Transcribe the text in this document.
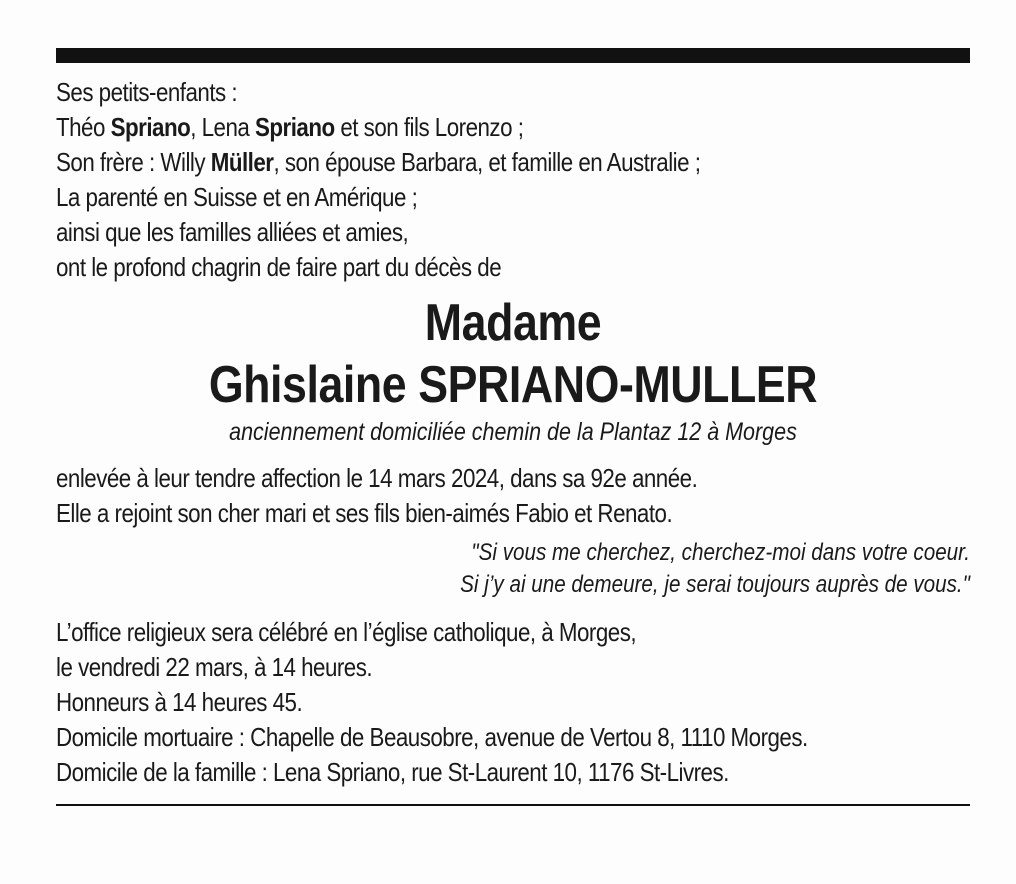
Ses petits-enfants :
Théo Spriano, Lena Spriano et son fils Lorenzo ;
Son frère : Willy Müller, son épouse Barbara, et famille en Australie ;
La parenté en Suisse et en Amérique ;
ainsi que les familles alliées et amies,
ont le profond chagrin de faire part du décès de
Madame
Ghislaine SPRIANO-MULLER
anciennement domiciliée chemin de la Plantaz 12 à Morges
enlevée à leur tendre affection le 14 mars 2024, dans sa 92e année.
Elle a rejoint son cher mari et ses fils bien-aimés Fabio et Renato.
"Si vous me cherchez, cherchez-moi dans votre coeur.
Si j’y ai une demeure, je serai toujours auprès de vous."
L’office religieux sera célébré en l’église catholique, à Morges,
le vendredi 22 mars, à 14 heures.
Honneurs à 14 heures 45.
Domicile mortuaire : Chapelle de Beausobre, avenue de Vertou 8, 1110 Morges.
Domicile de la famille : Lena Spriano, rue St-Laurent 10, 1176 St-Livres.
